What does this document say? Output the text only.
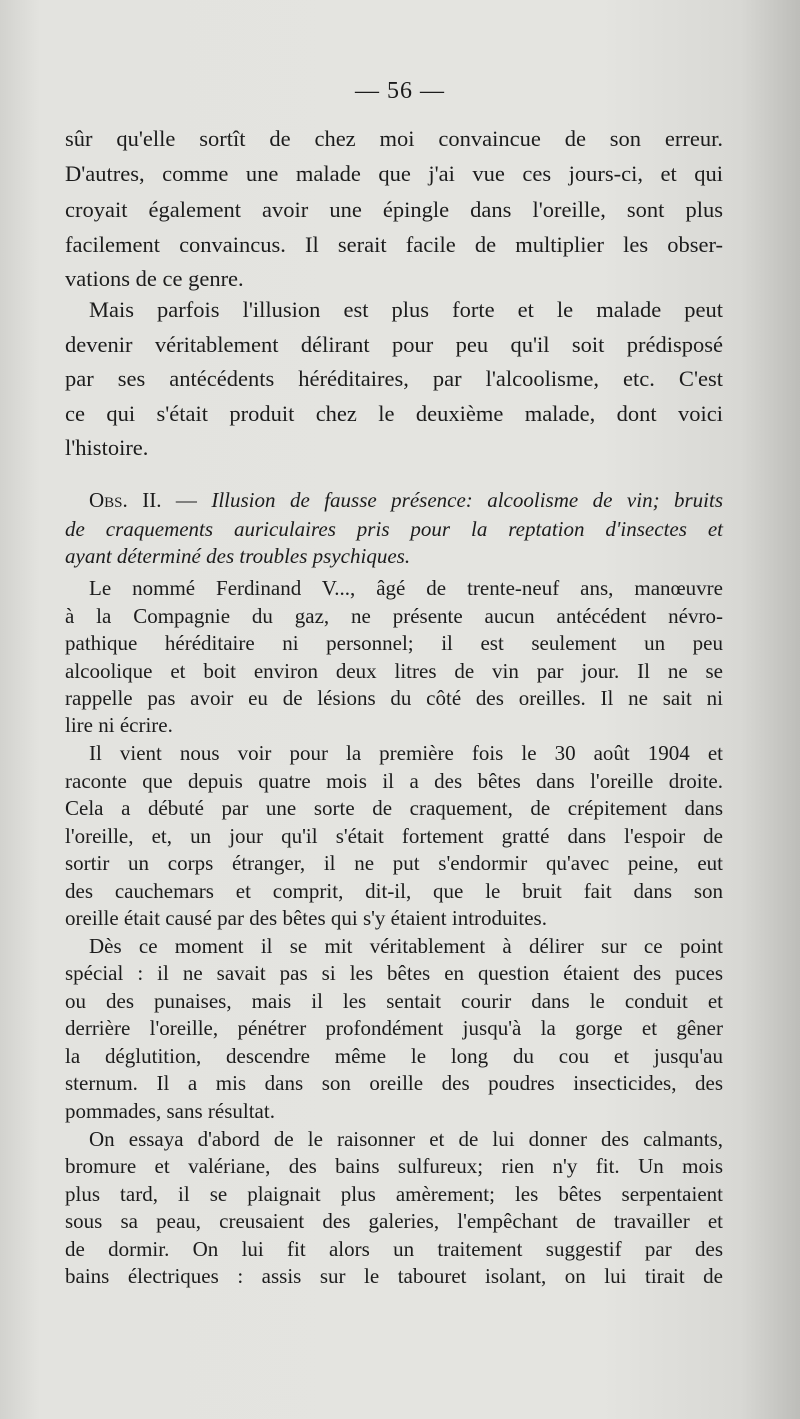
— 56 —
sûr qu'elle sortît de chez moi convaincue de son erreur.
D'autres, comme une malade que j'ai vue ces jours-ci, et qui
croyait également avoir une épingle dans l'oreille, sont plus
facilement convaincus. Il serait facile de multiplier les obser-
vations de ce genre.
Mais parfois l'illusion est plus forte et le malade peut
devenir véritablement délirant pour peu qu'il soit prédisposé
par ses antécédents héréditaires, par l'alcoolisme, etc. C'est
ce qui s'était produit chez le deuxième malade, dont voici
l'histoire.
Obs. II. — Illusion de fausse présence: alcoolisme de vin; bruits
de craquements auriculaires pris pour la reptation d'insectes et
ayant déterminé des troubles psychiques.
Le nommé Ferdinand V..., âgé de trente-neuf ans, manœuvre
à la Compagnie du gaz, ne présente aucun antécédent névro-
pathique héréditaire ni personnel; il est seulement un peu
alcoolique et boit environ deux litres de vin par jour. Il ne se
rappelle pas avoir eu de lésions du côté des oreilles. Il ne sait ni
lire ni écrire.
Il vient nous voir pour la première fois le 30 août 1904 et
raconte que depuis quatre mois il a des bêtes dans l'oreille droite.
Cela a débuté par une sorte de craquement, de crépitement dans
l'oreille, et, un jour qu'il s'était fortement gratté dans l'espoir de
sortir un corps étranger, il ne put s'endormir qu'avec peine, eut
des cauchemars et comprit, dit-il, que le bruit fait dans son
oreille était causé par des bêtes qui s'y étaient introduites.
Dès ce moment il se mit véritablement à délirer sur ce point
spécial : il ne savait pas si les bêtes en question étaient des puces
ou des punaises, mais il les sentait courir dans le conduit et
derrière l'oreille, pénétrer profondément jusqu'à la gorge et gêner
la déglutition, descendre même le long du cou et jusqu'au
sternum. Il a mis dans son oreille des poudres insecticides, des
pommades, sans résultat.
On essaya d'abord de le raisonner et de lui donner des calmants,
bromure et valériane, des bains sulfureux; rien n'y fit. Un mois
plus tard, il se plaignait plus amèrement; les bêtes serpentaient
sous sa peau, creusaient des galeries, l'empêchant de travailler et
de dormir. On lui fit alors un traitement suggestif par des
bains électriques : assis sur le tabouret isolant, on lui tirait de
